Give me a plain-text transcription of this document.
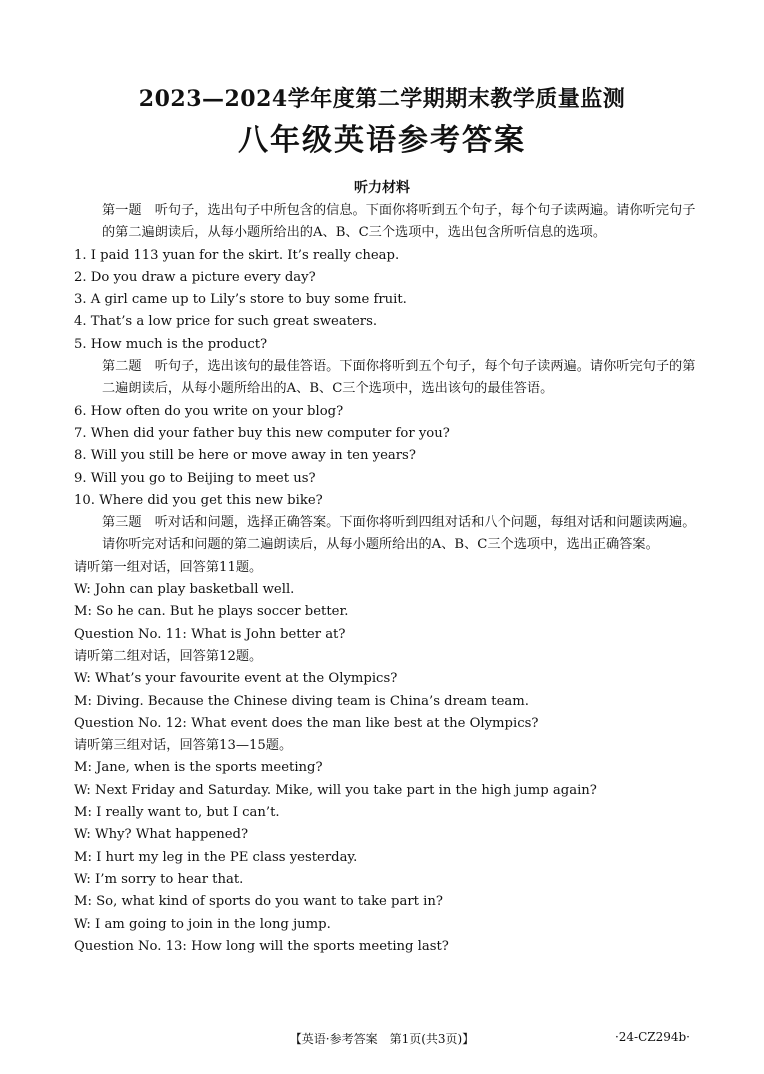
2023—2024学年度第二学期期末教学质量监测
八年级英语参考答案
听力材料
第一题　听句子，选出句子中所包含的信息。下面你将听到五个句子，每个句子读两遍。请你听完句子的第二遍朗读后，从每小题所给出的A、B、C三个选项中，选出包含所听信息的选项。
1. I paid 113 yuan for the skirt. It’s really cheap.
2. Do you draw a picture every day?
3. A girl came up to Lily’s store to buy some fruit.
4. That’s a low price for such great sweaters.
5. How much is the product?
第二题　听句子，选出该句的最佳答语。下面你将听到五个句子，每个句子读两遍。请你听完句子的第二遍朗读后，从每小题所给出的A、B、C三个选项中，选出该句的最佳答语。
6. How often do you write on your blog?
7. When did your father buy this new computer for you?
8. Will you still be here or move away in ten years?
9. Will you go to Beijing to meet us?
10. Where did you get this new bike?
第三题　听对话和问题，选择正确答案。下面你将听到四组对话和八个问题，每组对话和问题读两遍。请你听完对话和问题的第二遍朗读后，从每小题所给出的A、B、C三个选项中，选出正确答案。
请听第一组对话，回答第11题。
W: John can play basketball well.
M: So he can. But he plays soccer better.
Question No. 11: What is John better at?
请听第二组对话，回答第12题。
W: What’s your favourite event at the Olympics?
M: Diving. Because the Chinese diving team is China’s dream team.
Question No. 12: What event does the man like best at the Olympics?
请听第三组对话，回答第13—15题。
M: Jane, when is the sports meeting?
W: Next Friday and Saturday. Mike, will you take part in the high jump again?
M: I really want to, but I can’t.
W: Why? What happened?
M: I hurt my leg in the PE class yesterday.
W: I’m sorry to hear that.
M: So, what kind of sports do you want to take part in?
W: I am going to join in the long jump.
Question No. 13: How long will the sports meeting last?
【英语·参考答案　第1页(共3页)】	·24-CZ294b·
